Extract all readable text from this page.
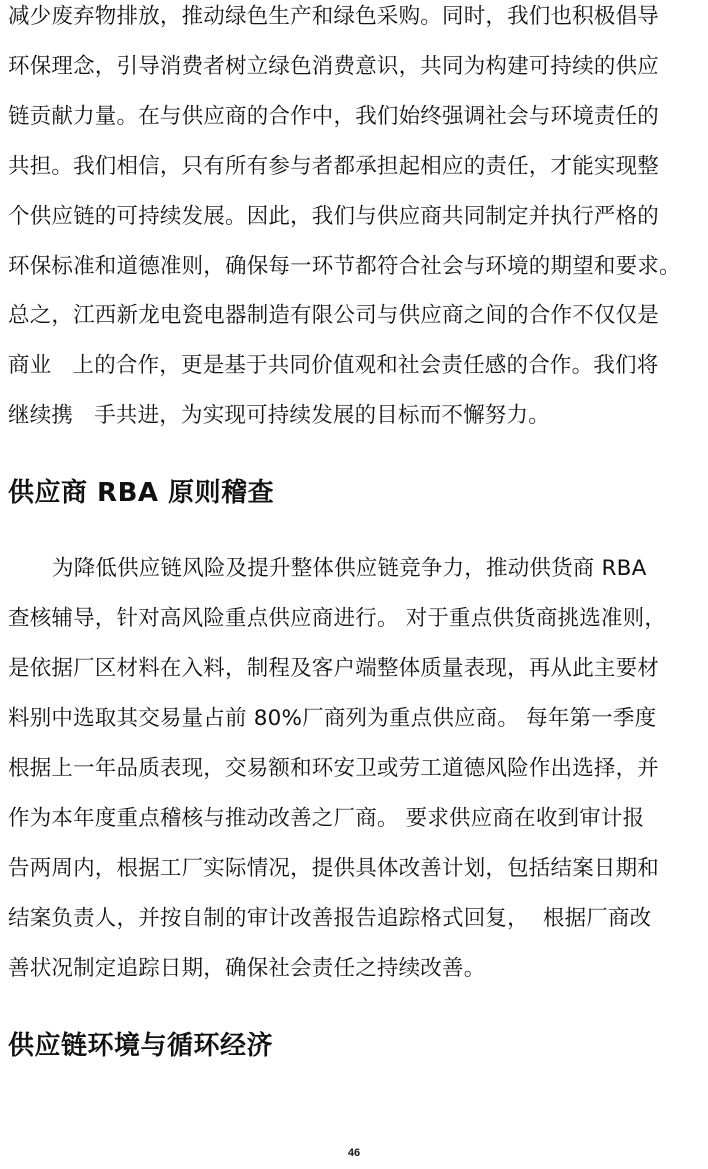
减少废弃物排放，推动绿色生产和绿色采购。同时，我们也积极倡导
环保理念，引导消费者树立绿色消费意识，共同为构建可持续的供应
链贡献力量。在与供应商的合作中，我们始终强调社会与环境责任的
共担。我们相信，只有所有参与者都承担起相应的责任，才能实现整
个供应链的可持续发展。因此，我们与供应商共同制定并执行严格的
环保标准和道德准则，确保每一环节都符合社会与环境的期望和要求。
总之，江西新龙电瓷电器制造有限公司与供应商之间的合作不仅仅是
商业   上的合作，更是基于共同价值观和社会责任感的合作。我们将
继续携   手共进，为实现可持续发展的目标而不懈努力。
供应商 RBA 原则稽查
为降低供应链风险及提升整体供应链竞争力，推动供货商 RBA
查核辅导，针对高风险重点供应商进行。 对于重点供货商挑选准则，
是依据厂区材料在入料，制程及客户端整体质量表现，再从此主要材
料别中选取其交易量占前 80%厂商列为重点供应商。 每年第一季度
根据上一年品质表现，交易额和环安卫或劳工道德风险作出选择，并
作为本年度重点稽核与推动改善之厂商。 要求供应商在收到审计报
告两周内，根据工厂实际情况，提供具体改善计划，包括结案日期和
结案负责人，并按自制的审计改善报告追踪格式回复，  根据厂商改
善状况制定追踪日期，确保社会责任之持续改善。
供应链环境与循环经济
46
